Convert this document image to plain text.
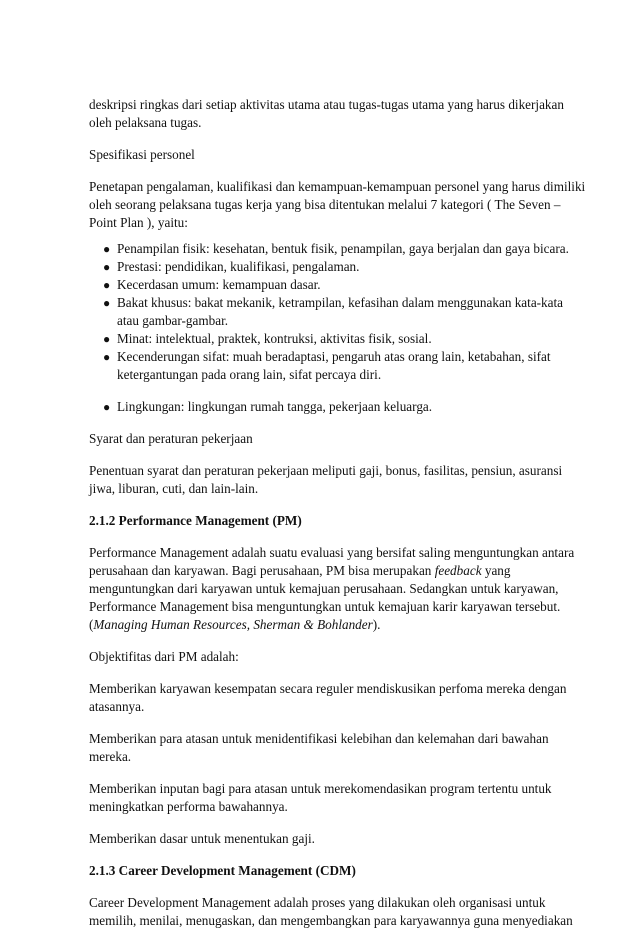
deskripsi ringkas dari setiap aktivitas utama atau tugas-tugas utama yang harus dikerjakan
oleh pelaksana tugas.

Spesifikasi personel

Penetapan pengalaman, kualifikasi dan kemampuan-kemampuan personel yang harus dimiliki
oleh seorang pelaksana tugas kerja yang bisa ditentukan melalui 7 kategori ( The Seven –
Point Plan ), yaitu:

● Penampilan fisik: kesehatan, bentuk fisik, penampilan, gaya berjalan dan gaya bicara.
● Prestasi: pendidikan, kualifikasi, pengalaman.
● Kecerdasan umum: kemampuan dasar.
● Bakat khusus: bakat mekanik, ketrampilan, kefasihan dalam menggunakan kata-kata
atau gambar-gambar.
● Minat: intelektual, praktek, kontruksi, aktivitas fisik, sosial.
● Kecenderungan sifat: muah beradaptasi, pengaruh atas orang lain, ketabahan, sifat
ketergantungan pada orang lain, sifat percaya diri.
● Lingkungan: lingkungan rumah tangga, pekerjaan keluarga.

Syarat dan peraturan pekerjaan

Penentuan syarat dan peraturan pekerjaan meliputi gaji, bonus, fasilitas, pensiun, asuransi
jiwa, liburan, cuti, dan lain-lain.

2.1.2 Performance Management (PM)

Performance Management adalah suatu evaluasi yang bersifat saling menguntungkan antara
perusahaan dan karyawan. Bagi perusahaan, PM bisa merupakan feedback yang
menguntungkan dari karyawan untuk kemajuan perusahaan. Sedangkan untuk karyawan,
Performance Management bisa menguntungkan untuk kemajuan karir karyawan tersebut.
(Managing Human Resources, Sherman & Bohlander).

Objektifitas dari PM adalah:

Memberikan karyawan kesempatan secara reguler mendiskusikan perfoma mereka dengan
atasannya.

Memberikan para atasan untuk menidentifikasi kelebihan dan kelemahan dari bawahan
mereka.

Memberikan inputan bagi para atasan untuk merekomendasikan program tertentu untuk
meningkatkan performa bawahannya.

Memberikan dasar untuk menentukan gaji.

2.1.3 Career Development Management (CDM)

Career Development Management adalah proses yang dilakukan oleh organisasi untuk
memilih, menilai, menugaskan, dan mengembangkan para karyawannya guna menyediakan
